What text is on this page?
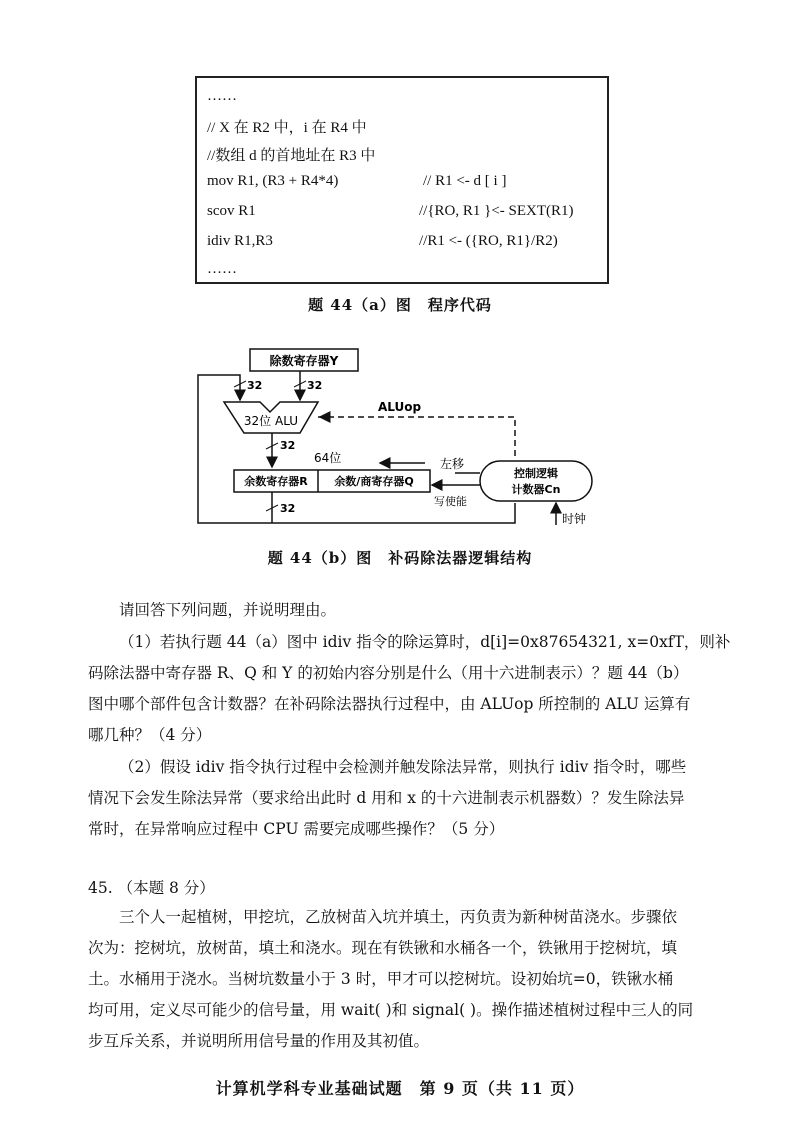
……
// X 在 R2 中，i 在 R4 中
//数组 d 的首地址在 R3 中
mov R1, (R3 + R4*4)	// R1 <- d [ i ]
scov R1	//{RO, R1 }<- SEXT(R1)
idiv R1,R3	//R1 <- ({RO, R1}/R2)
……
题 44（a）图　程序代码
除数寄存器Y
32	32
32位 ALU
32
ALUop
64位	左移
余数寄存器R 余数/商寄存器Q
控制逻辑
计数器Cn
写使能
时钟
32
题 44（b）图　补码除法器逻辑结构
请回答下列问题，并说明理由。
（1）若执行题 44（a）图中 idiv 指令的除运算时，d[i]=0x87654321, x=0xfT，则补
码除法器中寄存器 R、Q 和 Y 的初始内容分别是什么（用十六进制表示）？题 44（b）
图中哪个部件包含计数器？在补码除法器执行过程中，由 ALUop 所控制的 ALU 运算有
哪几种？（4 分）
（2）假设 idiv 指令执行过程中会检测并触发除法异常，则执行 idiv 指令时，哪些
情况下会发生除法异常（要求给出此时 d 用和 x 的十六进制表示机器数）？发生除法异
常时，在异常响应过程中 CPU 需要完成哪些操作？（5 分）
45. （本题 8 分）
三个人一起植树，甲挖坑，乙放树苗入坑并填土，丙负责为新种树苗浇水。步骤依
次为：挖树坑，放树苗，填土和浇水。现在有铁锹和水桶各一个，铁锹用于挖树坑，填
土。水桶用于浇水。当树坑数量小于 3 时，甲才可以挖树坑。设初始坑=0，铁锹水桶
均可用，定义尽可能少的信号量，用 wait( )和 signal( )。操作描述植树过程中三人的同
步互斥关系，并说明所用信号量的作用及其初值。
计算机学科专业基础试题　第 9 页（共 11 页）
